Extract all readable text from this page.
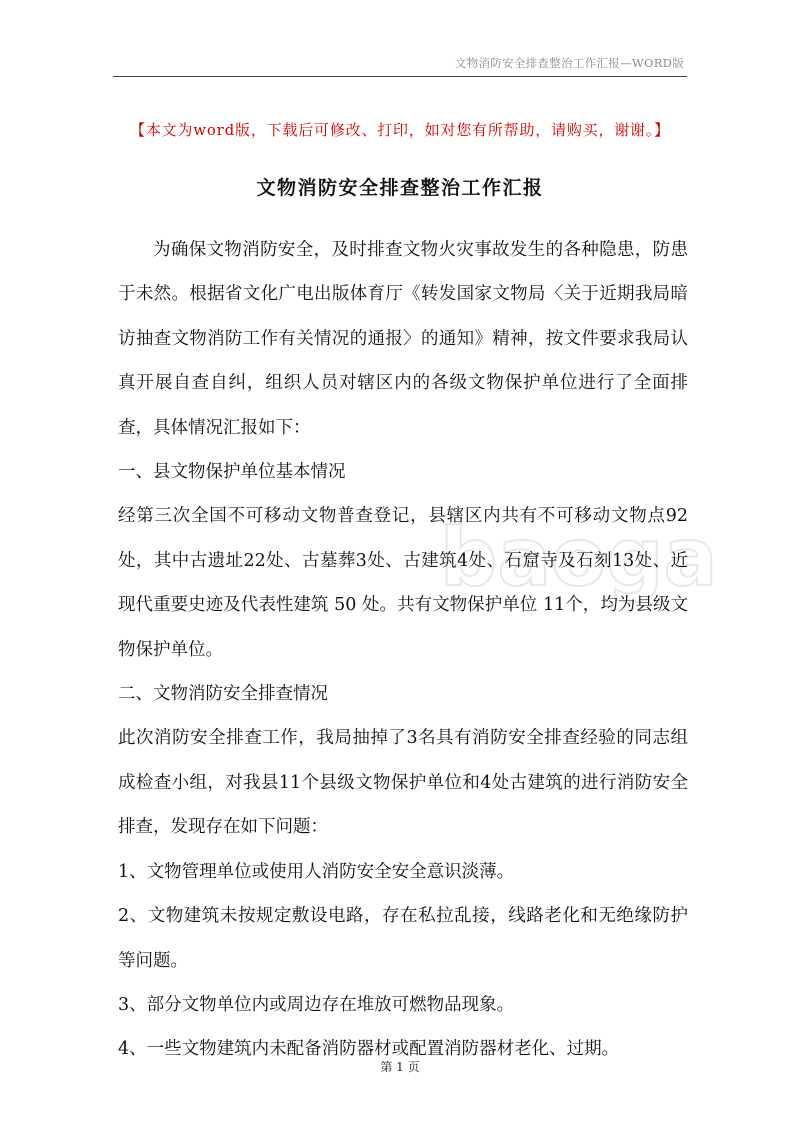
文物消防安全排查整治工作汇报—WORD版
【本文为word版，下载后可修改、打印，如对您有所帮助，请购买，谢谢。】
文物消防安全排查整治工作汇报

为确保文物消防安全，及时排查文物火灾事故发生的各种隐患，防患于未然。根据省文化广电出版体育厅《转发国家文物局〈关于近期我局暗访抽查文物消防工作有关情况的通报〉的通知》精神，按文件要求我局认真开展自查自纠，组织人员对辖区内的各级文物保护单位进行了全面排查，具体情况汇报如下：

一、县文物保护单位基本情况

经第三次全国不可移动文物普查登记，县辖区内共有不可移动文物点92处，其中古遗址22处、古墓葬3处、古建筑4处、石窟寺及石刻13处、近现代重要史迹及代表性建筑 50 处。共有文物保护单位 11个，均为县级文物保护单位。

二、文物消防安全排查情况

此次消防安全排查工作，我局抽掉了3名具有消防安全排查经验的同志组成检查小组，对我县11个县级文物保护单位和4处古建筑的进行消防安全排查，发现存在如下问题：

1、文物管理单位或使用人消防安全安全意识淡薄。

2、文物建筑未按规定敷设电路，存在私拉乱接，线路老化和无绝缘防护等问题。

3、部分文物单位内或周边存在堆放可燃物品现象。

4、一些文物建筑内未配备消防器材或配置消防器材老化、过期。

baoga
第 1 页
